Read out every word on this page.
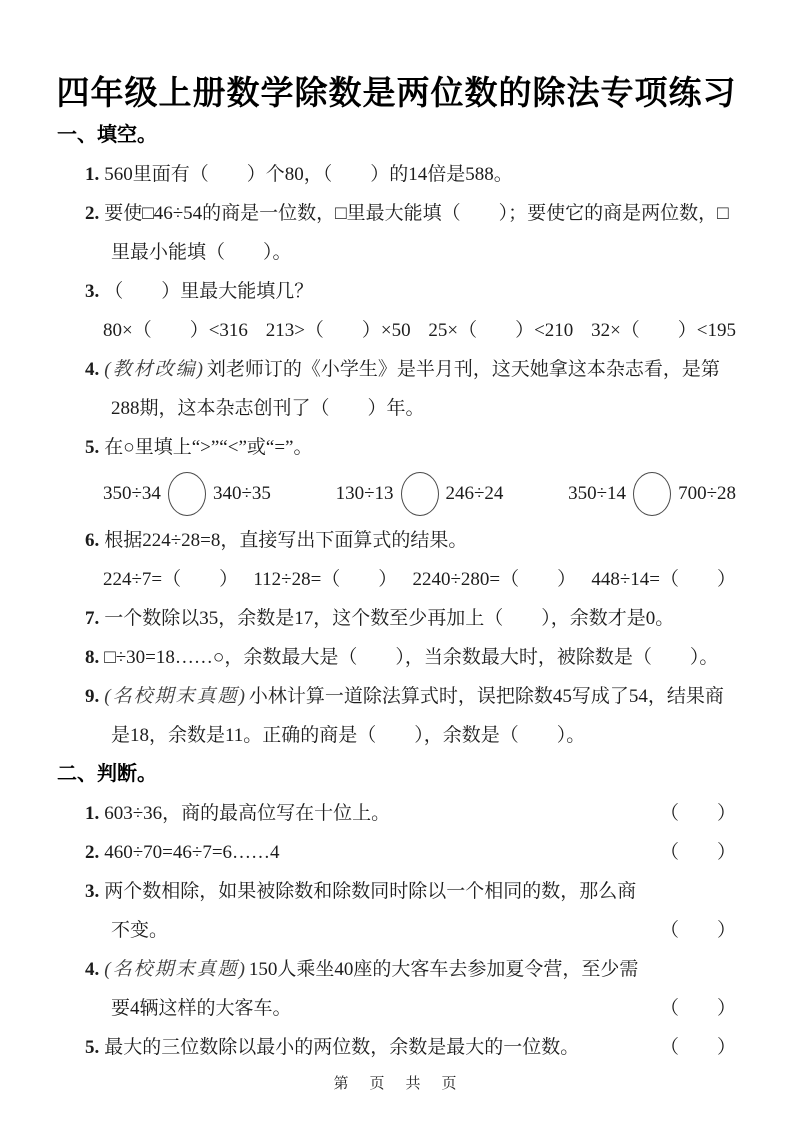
四年级上册数学除数是两位数的除法专项练习
一、填空。

1. 560里面有（　　）个80，（　　）的14倍是588。

2. 要使□46÷54的商是一位数，□里最大能填（　　）；要使它的商是两位数，□里最小能填（　　）。

3. （　　）里最大能填几？

80×（　　）<316 213>（　　）×50 25×（　　）<210 32×（　　）<195

4. (教材改编) 刘老师订的《小学生》是半月刊，这天她拿这本杂志看，是第288期，这本杂志创刊了（　　）年。

5. 在○里填上“>”“<”或“=”。

350÷34	340÷35	130÷13	246÷24	350÷14	700÷28

6. 根据224÷28=8，直接写出下面算式的结果。

224÷7=（　　） 112÷28=（　　） 2240÷280=（　　） 448÷14=（　　）

7. 一个数除以35，余数是17，这个数至少再加上（　　），余数才是0。

8. □÷30=18……○，余数最大是（　　），当余数最大时，被除数是（　　）。

9. (名校期末真题) 小林计算一道除法算式时，误把除数45写成了54，结果商是18，余数是11。正确的商是（　　），余数是（　　）。

二、判断。
1. 603÷36，商的最高位写在十位上。	（　　）
2. 460÷70=46÷7=6……4	（　　）
3. 两个数相除，如果被除数和除数同时除以一个相同的数，那么商不变。	（　　）
4. (名校期末真题) 150人乘坐40座的大客车去参加夏令营，至少需要4辆这样的大客车。	（　　）
5. 最大的三位数除以最小的两位数，余数是最大的一位数。	（　　）
第　页　共　页
